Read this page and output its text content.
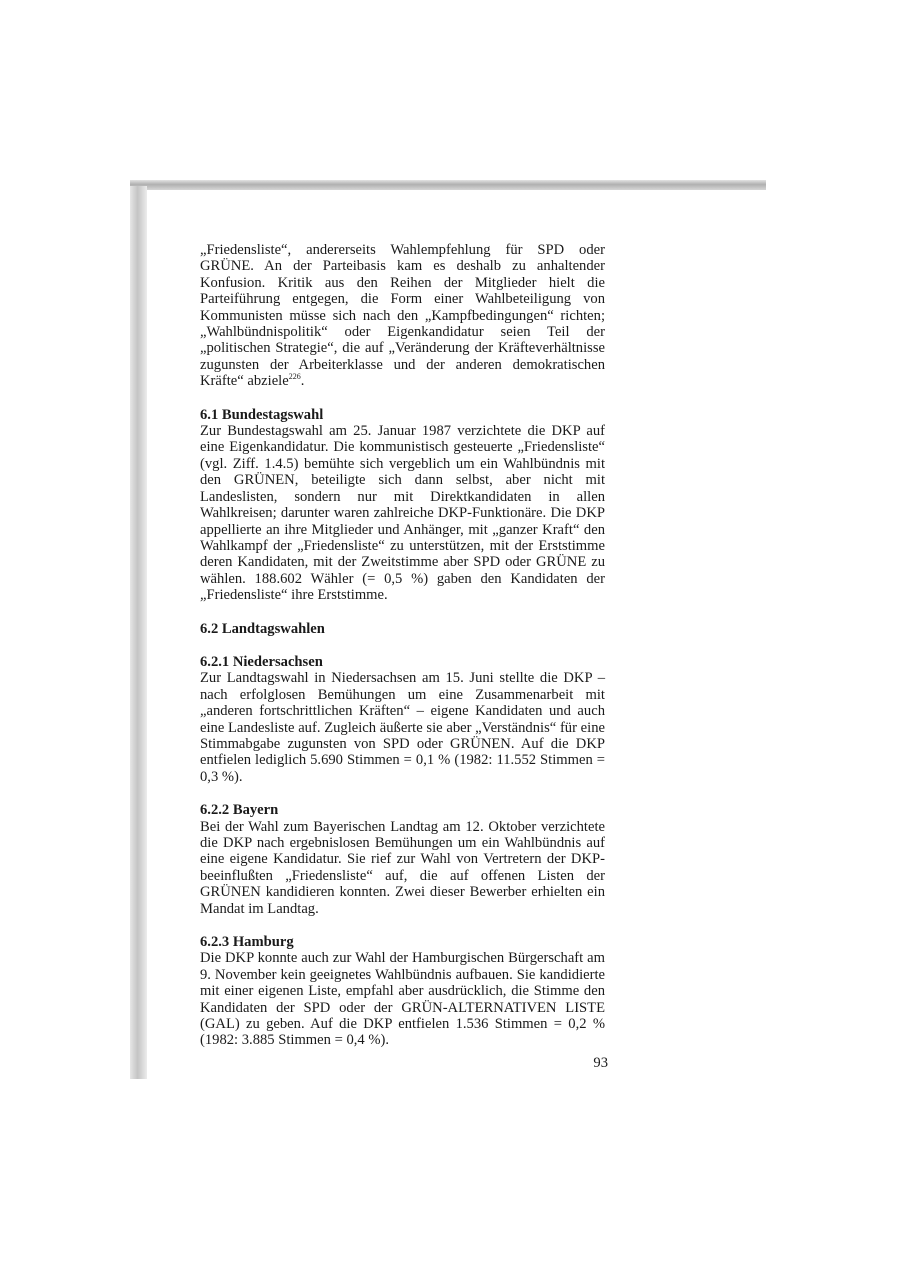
„Friedensliste“, andererseits Wahlempfehlung für SPD oder GRÜNE. An der Parteibasis kam es deshalb zu anhaltender Konfusion. Kritik aus den Reihen der Mitglieder hielt die Parteiführung entgegen, die Form einer Wahlbeteiligung von Kommunisten müsse sich nach den „Kampfbedingungen“ richten; „Wahlbündnispolitik“ oder Eigenkandidatur seien Teil der „politischen Strategie“, die auf „Veränderung der Kräfteverhältnisse zugunsten der Arbeiterklasse und der anderen demokratischen Kräfte“ abziele$^{226}$.

6.1 Bundestagswahl

Zur Bundestagswahl am 25. Januar 1987 verzichtete die DKP auf eine Eigenkandidatur. Die kommunistisch gesteuerte „Friedensliste“ (vgl. Ziff. 1.4.5) bemühte sich vergeblich um ein Wahlbündnis mit den GRÜNEN, beteiligte sich dann selbst, aber nicht mit Landeslisten, sondern nur mit Direktkandidaten in allen Wahlkreisen; darunter waren zahlreiche DKP-Funktionäre. Die DKP appellierte an ihre Mitglieder und Anhänger, mit „ganzer Kraft“ den Wahlkampf der „Friedensliste“ zu unterstützen, mit der Erststimme deren Kandidaten, mit der Zweitstimme aber SPD oder GRÜNE zu wählen. 188.602 Wähler (= 0,5 %) gaben den Kandidaten der „Friedensliste“ ihre Erststimme.

6.2 Landtagswahlen
6.2.1 Niedersachsen

Zur Landtagswahl in Niedersachsen am 15. Juni stellte die DKP – nach erfolglosen Bemühungen um eine Zusammenarbeit mit „anderen fortschrittlichen Kräften“ – eigene Kandidaten und auch eine Landesliste auf. Zugleich äußerte sie aber „Verständnis“ für eine Stimmabgabe zugunsten von SPD oder GRÜNEN. Auf die DKP entfielen lediglich 5.690 Stimmen = 0,1 % (1982: 11.552 Stimmen = 0,3 %).

6.2.2 Bayern

Bei der Wahl zum Bayerischen Landtag am 12. Oktober verzichtete die DKP nach ergebnislosen Bemühungen um ein Wahlbündnis auf eine eigene Kandidatur. Sie rief zur Wahl von Vertretern der DKP-beeinflußten „Friedensliste“ auf, die auf offenen Listen der GRÜNEN kandidieren konnten. Zwei dieser Bewerber erhielten ein Mandat im Landtag.

6.2.3 Hamburg

Die DKP konnte auch zur Wahl der Hamburgischen Bürgerschaft am 9. November kein geeignetes Wahlbündnis aufbauen. Sie kandidierte mit einer eigenen Liste, empfahl aber ausdrücklich, die Stimme den Kandidaten der SPD oder der GRÜN-ALTERNATIVEN LISTE (GAL) zu geben. Auf die DKP entfielen 1.536 Stimmen = 0,2 % (1982: 3.885 Stimmen = 0,4 %).

93
